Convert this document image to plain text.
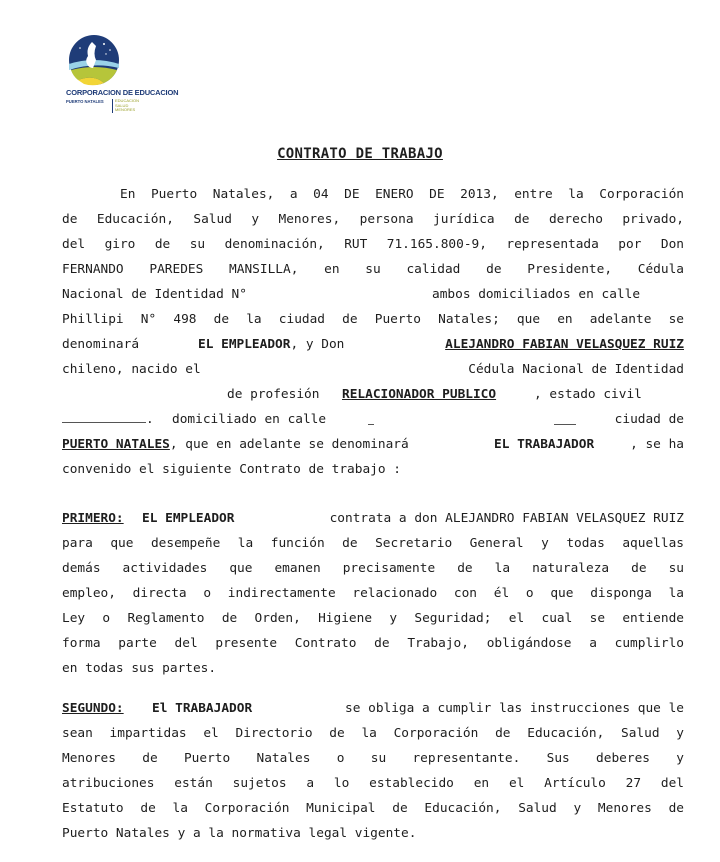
CORPORACION DE EDUCACION
PUERTO NATALES	EDUCACION
SALUD
MENORES
CONTRATO DE TRABAJO
En Puerto Natales, a 04 DE ENERO DE 2013, entre la Corporación
de Educación, Salud y Menores, persona jurídica de derecho privado,
del giro de su denominación, RUT 71.165.800-9, representada por Don
FERNANDO PAREDES MANSILLA, en su calidad de Presidente, Cédula
Nacional de Identidad N°	ambos domiciliados en calle
Phillipi N° 498 de la ciudad de Puerto Natales; que en adelante se
denominará	EL EMPLEADOR, y Don	ALEJANDRO FABIAN VELASQUEZ RUIZ
chileno, nacido el	Cédula Nacional de Identidad
de profesión RELACIONADOR PUBLICO	, estado civil
. domiciliado en calle	ciudad de
PUERTO NATALES, que en adelante se denominará	EL TRABAJADOR	, se ha
convenido el siguiente Contrato de trabajo :
PRIMERO: EL EMPLEADOR	contrata a don ALEJANDRO FABIAN VELASQUEZ RUIZ
para que desempeñe la función de Secretario General y todas aquellas
demás actividades que emanen precisamente de la naturaleza de su
empleo, directa o indirectamente relacionado con él o que disponga la
Ley o Reglamento de Orden, Higiene y Seguridad; el cual se entiende
forma parte del presente Contrato de Trabajo, obligándose a cumplirlo
en todas sus partes.
SEGUNDO: El TRABAJADOR	se obliga a cumplir las instrucciones que le
sean impartidas el Directorio de la Corporación de Educación, Salud y
Menores de Puerto Natales o su representante. Sus deberes y
atribuciones están sujetos a lo establecido en el Artículo 27 del
Estatuto de la Corporación Municipal de Educación, Salud y Menores de
Puerto Natales y a la normativa legal vigente.
